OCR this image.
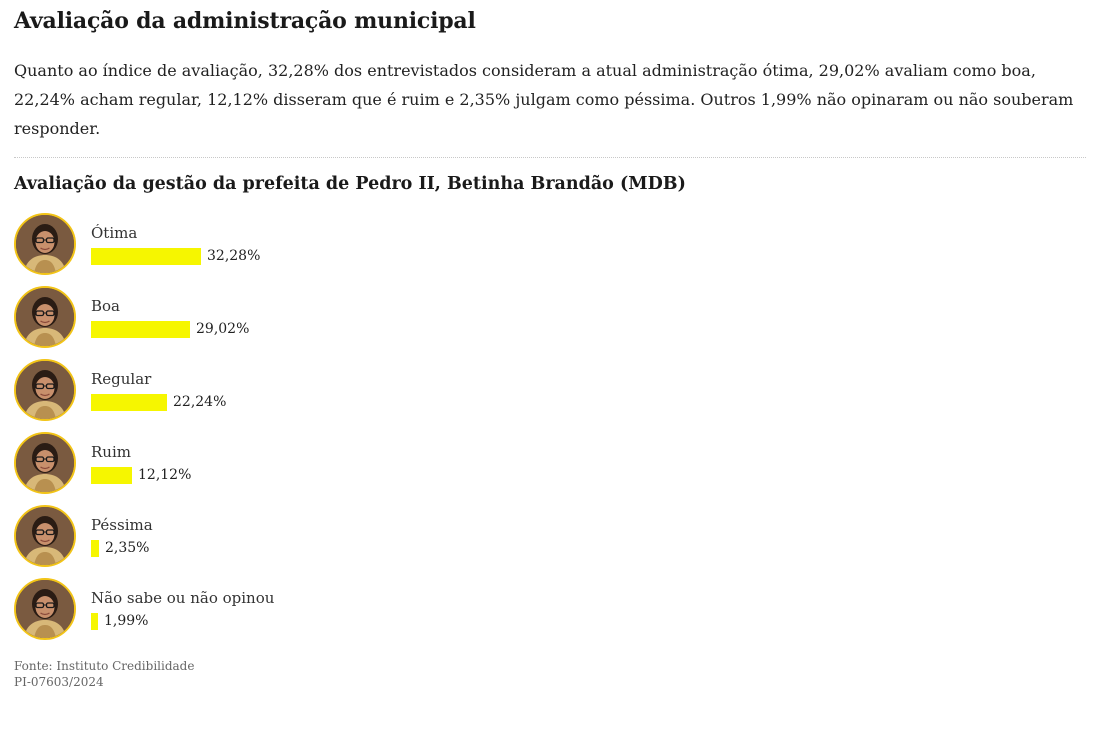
Avaliação da administração municipal

Quanto ao índice de avaliação, 32,28% dos entrevistados consideram a atual administração ótima, 29,02% avaliam como boa, 22,24% acham regular, 12,12% disseram que é ruim e 2,35% julgam como péssima. Outros 1,99% não opinaram ou não souberam responder.

Avaliação da gestão da prefeita de Pedro II, Betinha Brandão (MDB)
Ótima
32,28%
Boa
29,02%
Regular
22,24%
Ruim
12,12%
Péssima
2,35%
Não sabe ou não opinou
1,99%
Fonte: Instituto Credibilidade
PI-07603/2024
